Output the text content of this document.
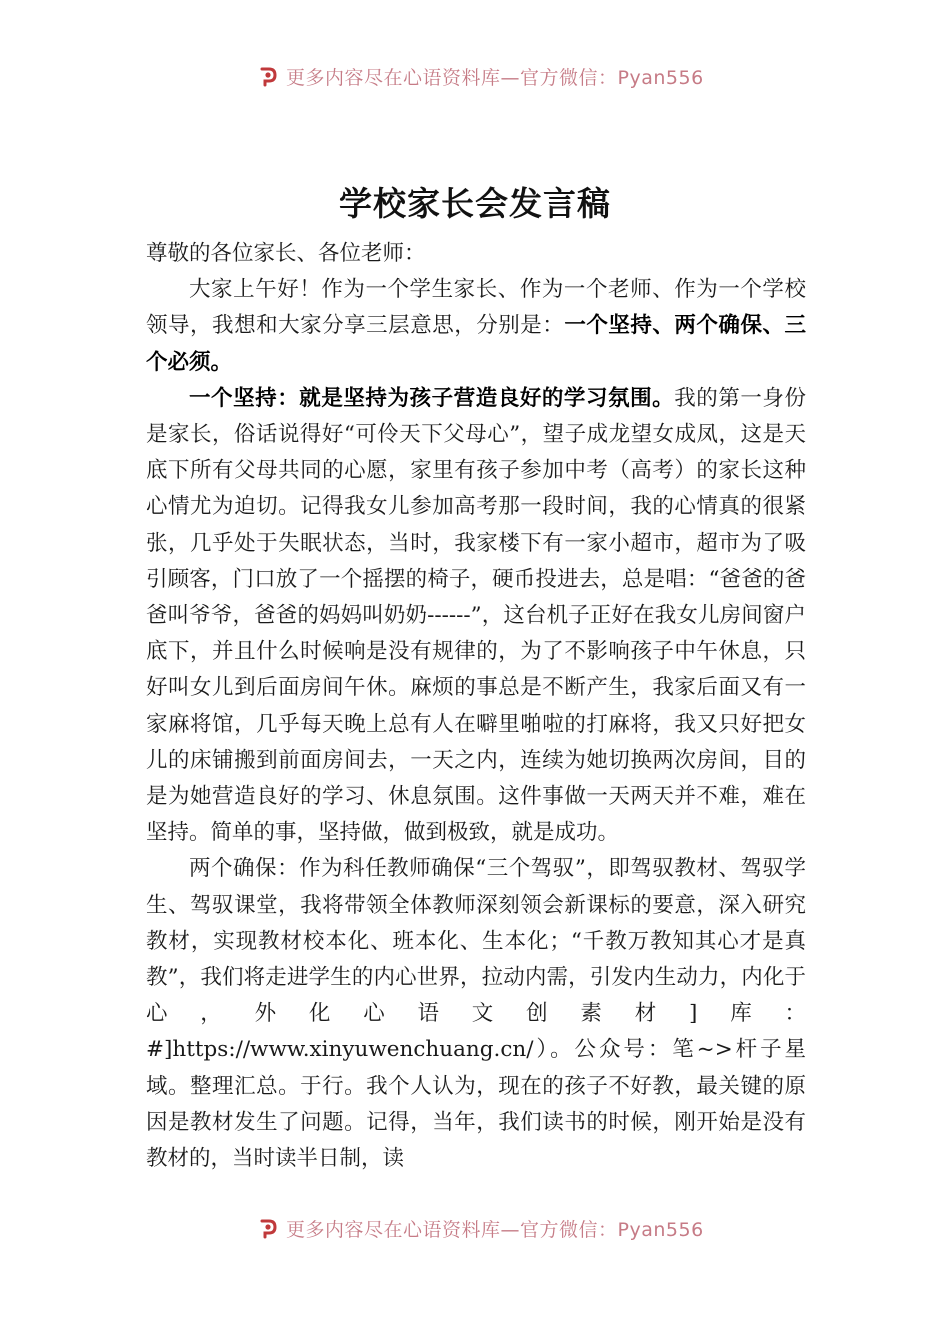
更多内容尽在心语资料库—官方微信：Pyan556
学校家长会发言稿

尊敬的各位家长、各位老师：

大家上午好！作为一个学生家长、作为一个老师、作为一个学校领导，我想和大家分享三层意思，分别是：一个坚持、两个确保、三个必须。

一个坚持：就是坚持为孩子营造良好的学习氛围。我的第一身份是家长，俗话说得好“可伶天下父母心”，望子成龙望女成凤，这是天底下所有父母共同的心愿，家里有孩子参加中考（高考）的家长这种心情尤为迫切。记得我女儿参加高考那一段时间，我的心情真的很紧张，几乎处于失眠状态，当时，我家楼下有一家小超市，超市为了吸引顾客，门口放了一个摇摆的椅子，硬币投进去，总是唱：“爸爸的爸爸叫爷爷，爸爸的妈妈叫奶奶------”，这台机子正好在我女儿房间窗户底下，并且什么时候响是没有规律的，为了不影响孩子中午休息，只好叫女儿到后面房间午休。麻烦的事总是不断产生，我家后面又有一家麻将馆，几乎每天晚上总有人在噼里啪啦的打麻将，我又只好把女儿的床铺搬到前面房间去，一天之内，连续为她切换两次房间，目的是为她营造良好的学习、休息氛围。这件事做一天两天并不难，难在坚持。简单的事，坚持做，做到极致，就是成功。

两个确保：作为科任教师确保“三个驾驭”，即驾驭教材、驾驭学生、驾驭课堂，我将带领全体教师深刻领会新课标的要意，深入研究教材，实现教材校本化、班本化、生本化；“千教万教知其心才是真教”，我们将走进学生的内心世界，拉动内需，引发内生动力，内化于心，外化心语文创素材]库：#]https://www.xinyuwenchuang.cn/）。公众号：笔~>杆子星域。整理汇总。于行。我个人认为，现在的孩子不好教，最关键的原因是教材发生了问题。记得，当年，我们读书的时候，刚开始是没有教材的，当时读半日制，读

更多内容尽在心语资料库—官方微信：Pyan556
